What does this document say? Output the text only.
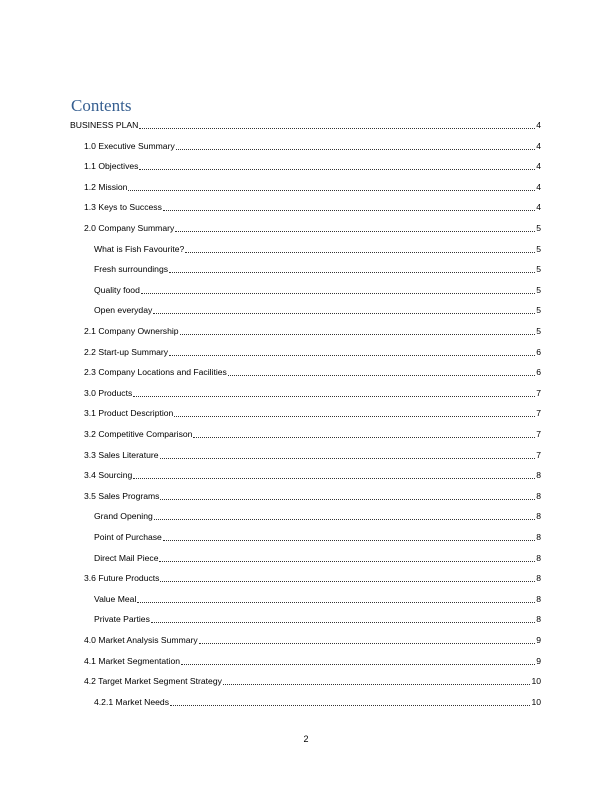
Contents
BUSINESS PLAN	4
1.0 Executive Summary	4
1.1 Objectives	4
1.2 Mission	4
1.3 Keys to Success	4
2.0 Company Summary	5
What is Fish Favourite?	5
Fresh surroundings	5
Quality food	5
Open everyday	5
2.1 Company Ownership	5
2.2 Start-up Summary	6
2.3 Company Locations and Facilities	6
3.0 Products	7
3.1 Product Description	7
3.2 Competitive Comparison	7
3.3 Sales Literature	7
3.4 Sourcing	8
3.5 Sales Programs	8
Grand Opening	8
Point of Purchase	8
Direct Mail Piece	8
3.6 Future Products	8
Value Meal	8
Private Parties	8
4.0 Market Analysis Summary	9
4.1 Market Segmentation	9
4.2 Target Market Segment Strategy	10
4.2.1 Market Needs	10
2
